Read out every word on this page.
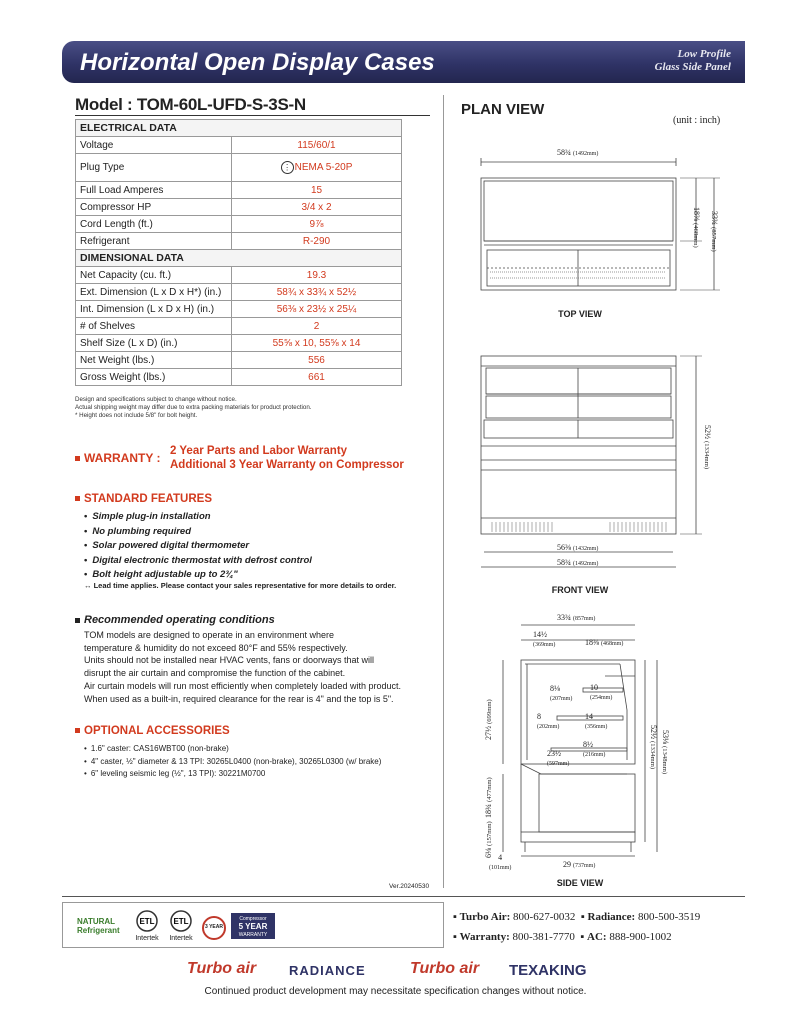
Horizontal Open Display Cases	Low Profile
Glass Side Panel
Model : TOM-60L-UFD-S-3S-N
ELECTRICAL DATA	
Voltage	115/60/1
Plug Type	⋮ NEMA 5-20P
Full Load Amperes	15
Compressor HP	3/4 x 2
Cord Length (ft.)	9⅞
Refrigerant	R-290
DIMENSIONAL DATA	
Net Capacity (cu. ft.)	19.3
Ext. Dimension (L x D x H*) (in.)	58¾ x 33¾ x 52½
Int. Dimension (L x D x H) (in.)	56⅜ x 23½ x 25¼
# of Shelves	2
Shelf Size (L x D) (in.)	55⅝ x 10, 55⅝ x 14
Net Weight (lbs.)	556
Gross Weight (lbs.)	661
Design and specifications subject to change without notice.
Actual shipping weight may differ due to extra packing materials for product protection.
* Height does not include 5/8" for bolt height.
WARRANTY : 2 Year Parts and Labor Warranty
Additional 3 Year Warranty on Compressor
STANDARD FEATURES
• Simple plug-in installation
• No plumbing required
• Solar powered digital thermometer
• Digital electronic thermostat with defrost control
• Bolt height adjustable up to 2¾"
↔ Lead time applies. Please contact your sales representative for more details to order.
Recommended operating conditions
TOM models are designed to operate in an environment where
temperature & humidity do not exceed 80°F and 55% respectively.
Units should not be installed near HVAC vents, fans or doorways that will
disrupt the air curtain and compromise the function of the cabinet.
Air curtain models will run most efficiently when completely loaded with product.
When used as a built-in, required clearance for the rear is 4" and the top is 5".
OPTIONAL ACCESSORIES
• 1.6" caster: CAS16WBT00 (non-brake)
• 4" caster, ½" diameter & 13 TPI: 30265L0400 (non-brake), 30265L0300 (w/ brake)
• 6" leveling seismic leg (½", 13 TPI): 30221M0700
Ver.20240530
PLAN VIEW
(unit : inch)
58¾ (1492mm)
18⅜ (468mm)
33¾ (857mm)
TOP VIEW
52½ (1334mm)
56⅜ (1432mm)
58¾ (1492mm)
FRONT VIEW
33¾ (857mm)
14½
(369mm)	18⅜ (468mm)
8⅛
(207mm)
10
(254mm)
8
(202mm)
14
(356mm)
8½
(216mm)
23½
(597mm)
27½ (699mm)
18¾ (477mm)
6⅛ (157mm)
4
(101mm)	29 (737mm)
52½ (1334mm)
53⅛ (1348mm)
SIDE VIEW
NATURAL
Refrigerant
ETL
Intertek
ETL
Intertek
3 YEAR
Compressor
5 YEAR
WARRANTY
▪ Turbo Air: 800-627-0032 ▪ Radiance: 800-500-3519
▪ Warranty: 800-381-7770 ▪ AC: 888-900-1002
Turbo air	RADIANCE	Turbo air TEXAKING
Continued product development may necessitate specification changes without notice.
